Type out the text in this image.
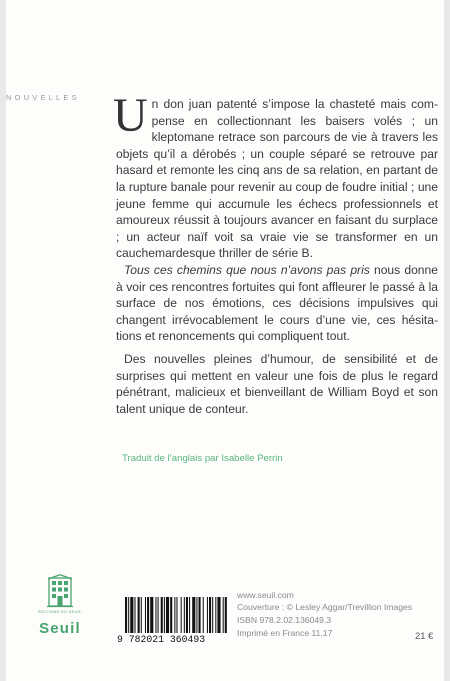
NOUVELLES Un don juan patenté s’impose la chasteté mais compense en collectionnant les baisers volés ; un kleptomane retrace son parcours de vie à travers les objets qu’il a dérobés ; un couple séparé se retrouve par hasard et remonte les cinq ans de sa relation, en partant de la rupture banale pour revenir au coup de foudre initial ; une jeune femme qui accumule les échecs professionnels et amoureux réussit à toujours avancer en faisant du surplace ; un acteur naïf voit sa vraie vie se transformer en un cauchemardesque thriller de série B.

Tous ces chemins que nous n’avons pas pris nous donne à voir ces rencontres fortuites qui font affleurer le passé à la surface de nos émotions, ces décisions impulsives qui changent irrévocablement le cours d’une vie, ces hésitations et renoncements qui compliquent tout.

Des nouvelles pleines d’humour, de sensibilité et de surprises qui mettent en valeur une fois de plus le regard pénétrant, malicieux et bienveillant de William Boyd et son talent unique de conteur.

Traduit de l’anglais par Isabelle Perrin
ÉDITIONS DU SEUIL
Seuil
9 782021 360493
www.seuil.com
Couverture : © Lesley Aggar/Trevillion Images
ISBN 978.2.02.136049.3
Imprimé en France 11.17	21 €
